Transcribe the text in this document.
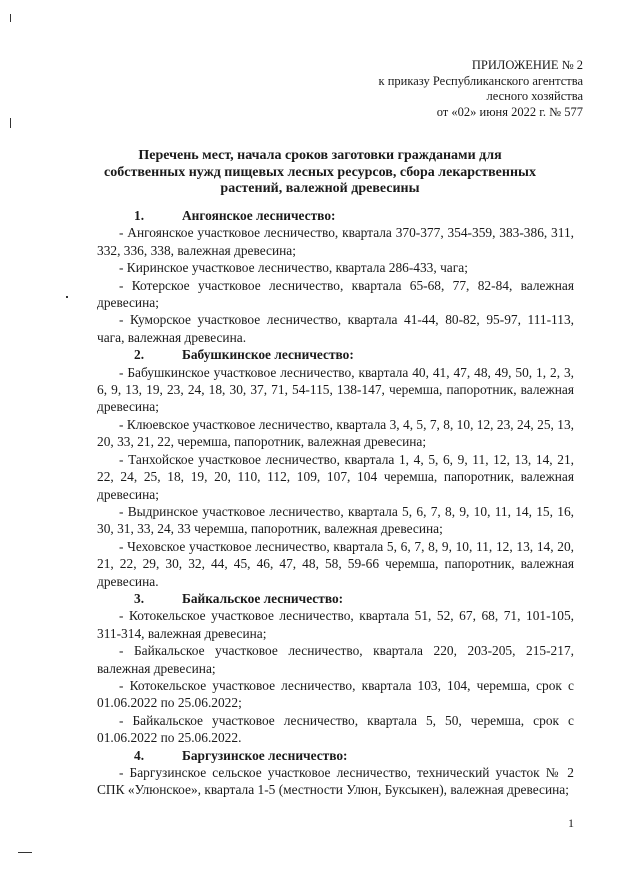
ПРИЛОЖЕНИЕ № 2
к приказу Республиканского агентства
лесного хозяйства
от «02» июня 2022 г. № 577
Перечень мест, начала сроков заготовки гражданами для собственных нужд пищевых лесных ресурсов, сбора лекарственных растений, валежной древесины

1.	Ангоянское лесничество:

- Ангоянское участковое лесничество, квартала 370-377, 354-359, 383-386, 311, 332, 336, 338, валежная древесина;

- Киринское участковое лесничество, квартала 286-433, чага;

- Котерское участковое лесничество, квартала 65-68, 77, 82-84, валежная древесина;

- Куморское участковое лесничество, квартала 41-44, 80-82, 95-97, 111-113, чага, валежная древесина.

2.	Бабушкинское лесничество:

- Бабушкинское участковое лесничество, квартала 40, 41, 47, 48, 49, 50, 1, 2, 3, 6, 9, 13, 19, 23, 24, 18, 30, 37, 71, 54-115, 138-147, черемша, папоротник, валежная древесина;

- Клюевское участковое лесничество, квартала 3, 4, 5, 7, 8, 10, 12, 23, 24, 25, 13, 20, 33, 21, 22, черемша, папоротник, валежная древесина;

- Танхойское участковое лесничество, квартала 1, 4, 5, 6, 9, 11, 12, 13, 14, 21, 22, 24, 25, 18, 19, 20, 110, 112, 109, 107, 104 черемша, папоротник, валежная древесина;

- Выдринское участковое лесничество, квартала 5, 6, 7, 8, 9, 10, 11, 14, 15, 16, 30, 31, 33, 24, 33 черемша, папоротник, валежная древесина;

- Чеховское участковое лесничество, квартала 5, 6, 7, 8, 9, 10, 11, 12, 13, 14, 20, 21, 22, 29, 30, 32, 44, 45, 46, 47, 48, 58, 59-66 черемша, папоротник, валежная древесина.

3.	Байкальское лесничество:

- Котокельское участковое лесничество, квартала 51, 52, 67, 68, 71, 101-105, 311-314, валежная древесина;

- Байкальское участковое лесничество, квартала 220, 203-205, 215-217, валежная древесина;

- Котокельское участковое лесничество, квартала 103, 104, черемша, срок с 01.06.2022 по 25.06.2022;

- Байкальское участковое лесничество, квартала 5, 50, черемша, срок с 01.06.2022 по 25.06.2022.

4.	Баргузинское лесничество:

- Баргузинское сельское участковое лесничество, технический участок № 2 СПК «Улюнское», квартала 1-5 (местности Улюн, Буксыкен), валежная древесина;

1
